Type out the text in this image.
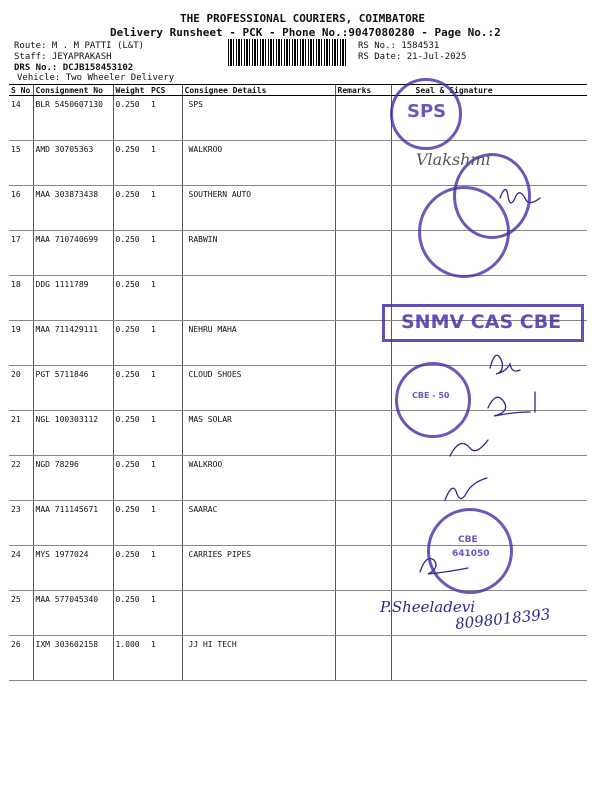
THE PROFESSIONAL COURIERS, COIMBATORE
Delivery Runsheet - PCK - Phone No.:9047080280 - Page No.:2
Route: M . M PATTI (L&T)
Staff: JEYAPRAKASH
DRS No.: DCJB158453102
Vehicle: Two Wheeler Delivery
RS No.: 1584531
RS Date: 21-Jul-2025
S No	Consignment No	Weight	PCS	Consignee Details	Remarks	Seal & Signature
14	BLR 5450607130	0.250	1	SPS		
15	AMD 30705363	0.250	1	WALKROO		
16	MAA 303873438	0.250	1	SOUTHERN AUTO		
17	MAA 710740699	0.250	1	RABWIN		
18	DDG 1111789	0.250	1			
19	MAA 711429111	0.250	1	NEHRU MAHA		
20	PGT 5711846	0.250	1	CLOUD SHOES		
21	NGL 100303112	0.250	1	MAS SOLAR		
22	NGD 78296	0.250	1	WALKROO		
23	MAA 711145671	0.250	1	SAARAC		
24	MYS 1977024	0.250	1	CARRIES PIPES		
25	MAA 577045340	0.250	1			
26	IXM 303602158	1.000	1	JJ HI TECH		
SPS
CBE - 50
CBE
641050
SNMV CAS CBE
Vlakshmi
P.Sheeladevi
8098018393
